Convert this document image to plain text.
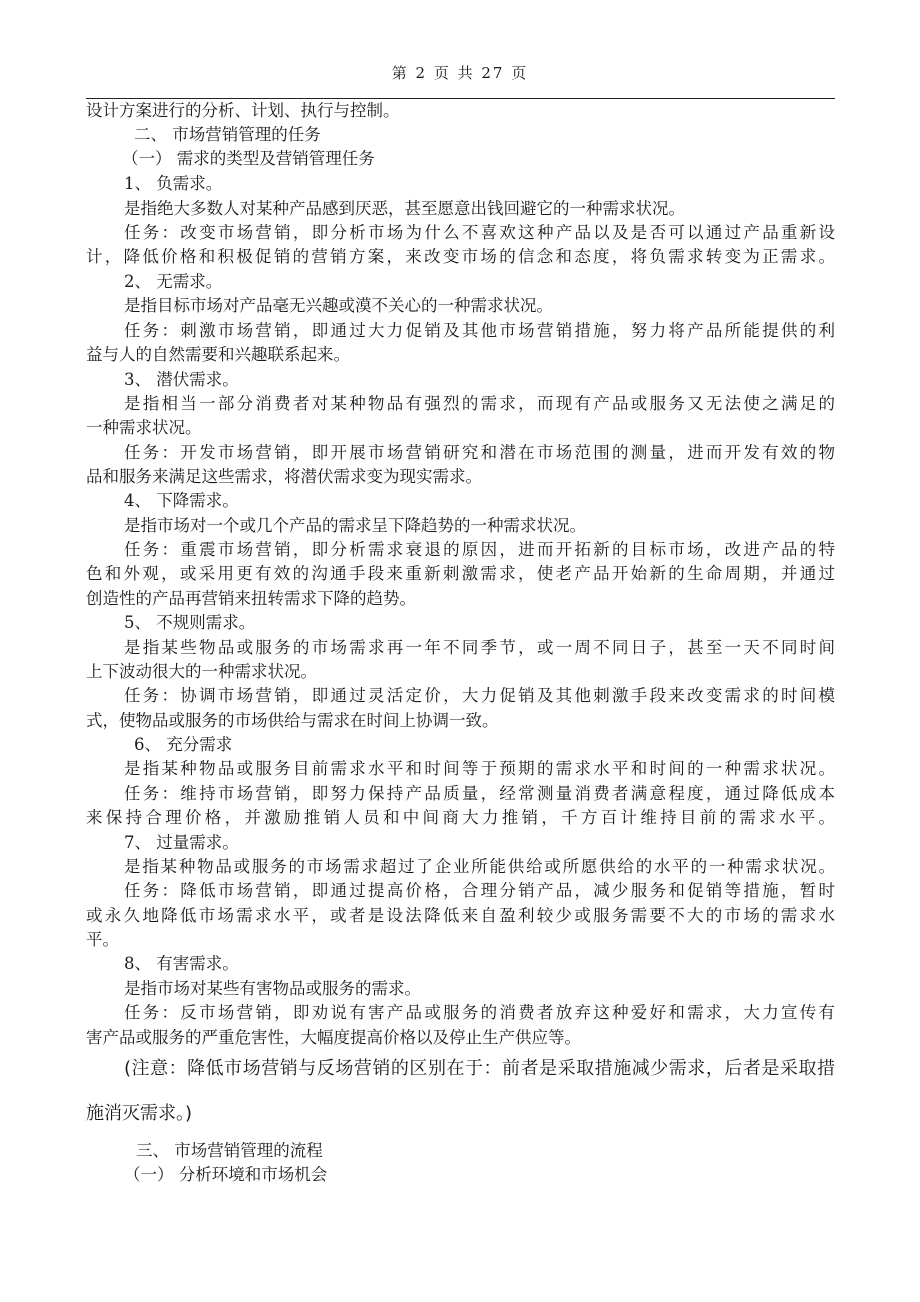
第 2 页 共 27 页
设计方案进行的分析、计划、执行与控制。
二、 市场营销管理的任务
（一） 需求的类型及营销管理任务
1、 负需求。
是指绝大多数人对某种产品感到厌恶，甚至愿意出钱回避它的一种需求状况。
任务：改变市场营销，即分析市场为什么不喜欢这种产品以及是否可以通过产品重新设
计，降低价格和积极促销的营销方案，来改变市场的信念和态度，将负需求转变为正需求。
2、 无需求。
是指目标市场对产品毫无兴趣或漠不关心的一种需求状况。
任务：刺激市场营销，即通过大力促销及其他市场营销措施，努力将产品所能提供的利
益与人的自然需要和兴趣联系起来。
3、 潜伏需求。
是指相当一部分消费者对某种物品有强烈的需求，而现有产品或服务又无法使之满足的
一种需求状况。
任务：开发市场营销，即开展市场营销研究和潜在市场范围的测量，进而开发有效的物
品和服务来满足这些需求，将潜伏需求变为现实需求。
4、 下降需求。
是指市场对一个或几个产品的需求呈下降趋势的一种需求状况。
任务：重震市场营销，即分析需求衰退的原因，进而开拓新的目标市场，改进产品的特
色和外观，或采用更有效的沟通手段来重新刺激需求，使老产品开始新的生命周期，并通过
创造性的产品再营销来扭转需求下降的趋势。
5、 不规则需求。
是指某些物品或服务的市场需求再一年不同季节，或一周不同日子，甚至一天不同时间
上下波动很大的一种需求状况。
任务：协调市场营销，即通过灵活定价，大力促销及其他刺激手段来改变需求的时间模
式，使物品或服务的市场供给与需求在时间上协调一致。
6、 充分需求
是指某种物品或服务目前需求水平和时间等于预期的需求水平和时间的一种需求状况。
任务：维持市场营销，即努力保持产品质量，经常测量消费者满意程度，通过降低成本
来保持合理价格，并激励推销人员和中间商大力推销，千方百计维持目前的需求水平。
7、 过量需求。
是指某种物品或服务的市场需求超过了企业所能供给或所愿供给的水平的一种需求状况。
任务：降低市场营销，即通过提高价格，合理分销产品，减少服务和促销等措施，暂时
或永久地降低市场需求水平，或者是设法降低来自盈利较少或服务需要不大的市场的需求水
平。
8、 有害需求。
是指市场对某些有害物品或服务的需求。
任务：反市场营销，即劝说有害产品或服务的消费者放弃这种爱好和需求，大力宣传有
害产品或服务的严重危害性，大幅度提高价格以及停止生产供应等。
(注意：降低市场营销与反场营销的区别在于：前者是采取措施减少需求，后者是采取措
施消灭需求。)
三、 市场营销管理的流程
（一） 分析环境和市场机会
